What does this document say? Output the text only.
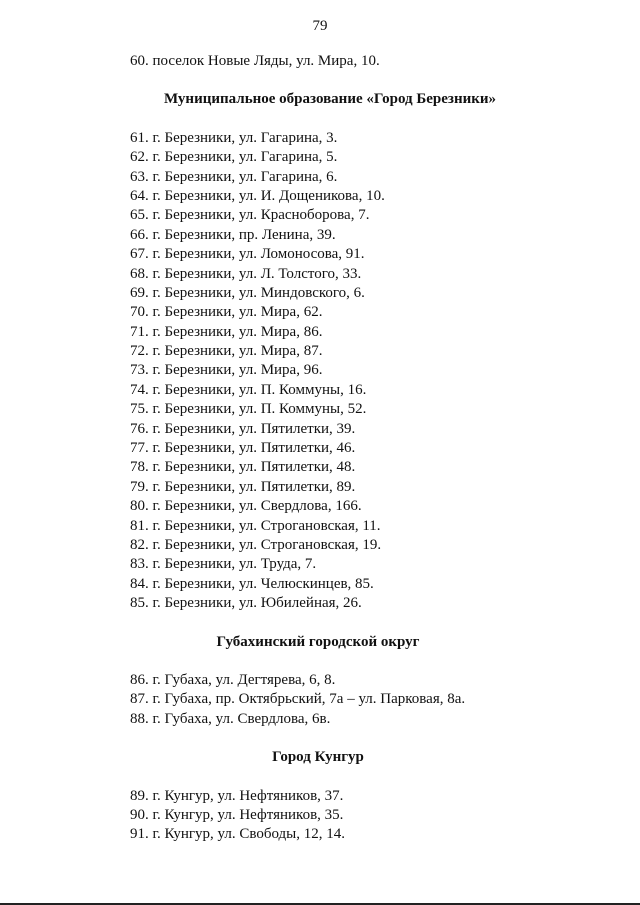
79
60. поселок Новые Ляды, ул. Мира, 10.
Муниципальное образование «Город Березники»
61. г. Березники, ул. Гагарина, 3.
62. г. Березники, ул. Гагарина, 5.
63. г. Березники, ул. Гагарина, 6.
64. г. Березники, ул. И. Дощеникова, 10.
65. г. Березники, ул. Красноборова, 7.
66. г. Березники, пр. Ленина, 39.
67. г. Березники, ул. Ломоносова, 91.
68. г. Березники, ул. Л. Толстого, 33.
69. г. Березники, ул. Миндовского, 6.
70. г. Березники, ул. Мира, 62.
71. г. Березники, ул. Мира, 86.
72. г. Березники, ул. Мира, 87.
73. г. Березники, ул. Мира, 96.
74. г. Березники, ул. П. Коммуны, 16.
75. г. Березники, ул. П. Коммуны, 52.
76. г. Березники, ул. Пятилетки, 39.
77. г. Березники, ул. Пятилетки, 46.
78. г. Березники, ул. Пятилетки, 48.
79. г. Березники, ул. Пятилетки, 89.
80. г. Березники, ул. Свердлова, 166.
81. г. Березники, ул. Строгановская, 11.
82. г. Березники, ул. Строгановская, 19.
83. г. Березники, ул. Труда, 7.
84. г. Березники, ул. Челюскинцев, 85.
85. г. Березники, ул. Юбилейная, 26.
Губахинский городской округ
86. г. Губаха, ул. Дегтярева, 6, 8.
87. г. Губаха, пр. Октябрьский, 7а – ул. Парковая, 8а.
88. г. Губаха, ул. Свердлова, 6в.
Город Кунгур
89. г. Кунгур, ул. Нефтяников, 37.
90. г. Кунгур, ул. Нефтяников, 35.
91. г. Кунгур, ул. Свободы, 12, 14.
